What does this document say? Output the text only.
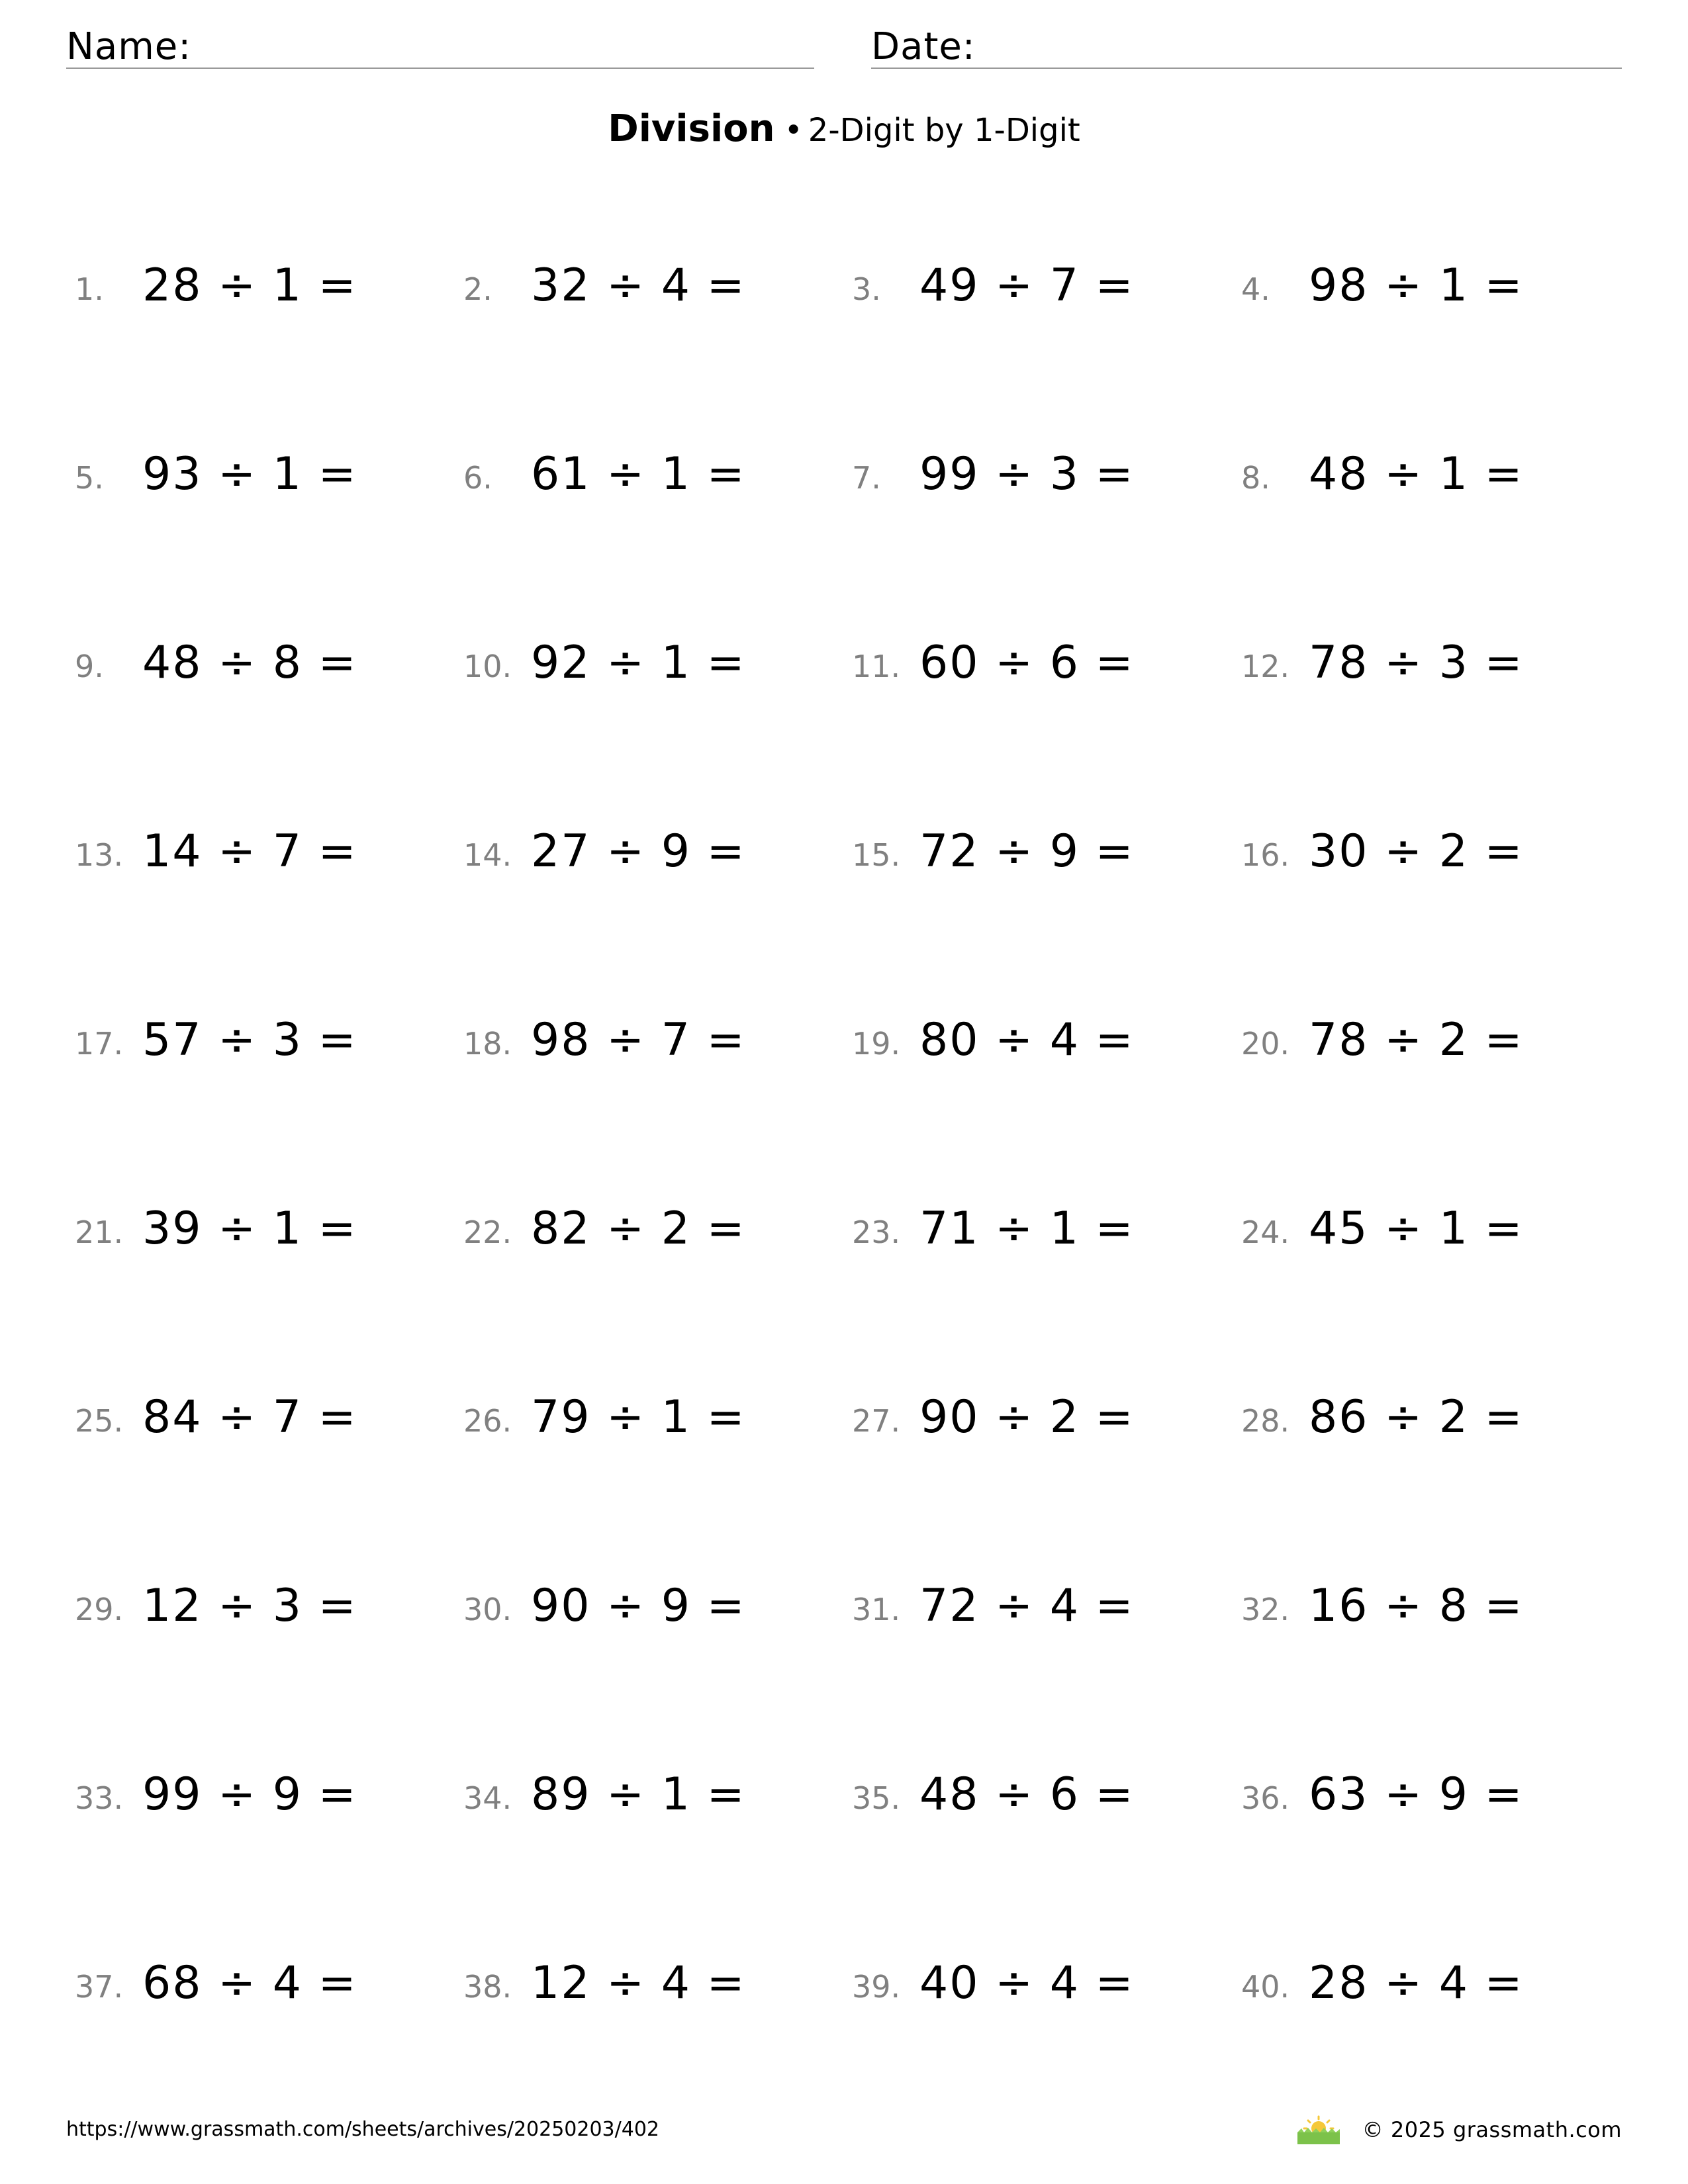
Name:	Date:
Division • 2-Digit by 1-Digit
1. 28 ÷ 1 =	2. 32 ÷ 4 =	3. 49 ÷ 7 =	4. 98 ÷ 1 =
5. 93 ÷ 1 =	6. 61 ÷ 1 =	7. 99 ÷ 3 =	8. 48 ÷ 1 =
9. 48 ÷ 8 =	10. 92 ÷ 1 =	11. 60 ÷ 6 =	12. 78 ÷ 3 =
13. 14 ÷ 7 =	14. 27 ÷ 9 =	15. 72 ÷ 9 =	16. 30 ÷ 2 =
17. 57 ÷ 3 =	18. 98 ÷ 7 =	19. 80 ÷ 4 =	20. 78 ÷ 2 =
21. 39 ÷ 1 =	22. 82 ÷ 2 =	23. 71 ÷ 1 =	24. 45 ÷ 1 =
25. 84 ÷ 7 =	26. 79 ÷ 1 =	27. 90 ÷ 2 =	28. 86 ÷ 2 =
29. 12 ÷ 3 =	30. 90 ÷ 9 =	31. 72 ÷ 4 =	32. 16 ÷ 8 =
33. 99 ÷ 9 =	34. 89 ÷ 1 =	35. 48 ÷ 6 =	36. 63 ÷ 9 =
37. 68 ÷ 4 =	38. 12 ÷ 4 =	39. 40 ÷ 4 =	40. 28 ÷ 4 =
https://www.grassmath.com/sheets/archives/20250203/402	© 2025 grassmath.com
